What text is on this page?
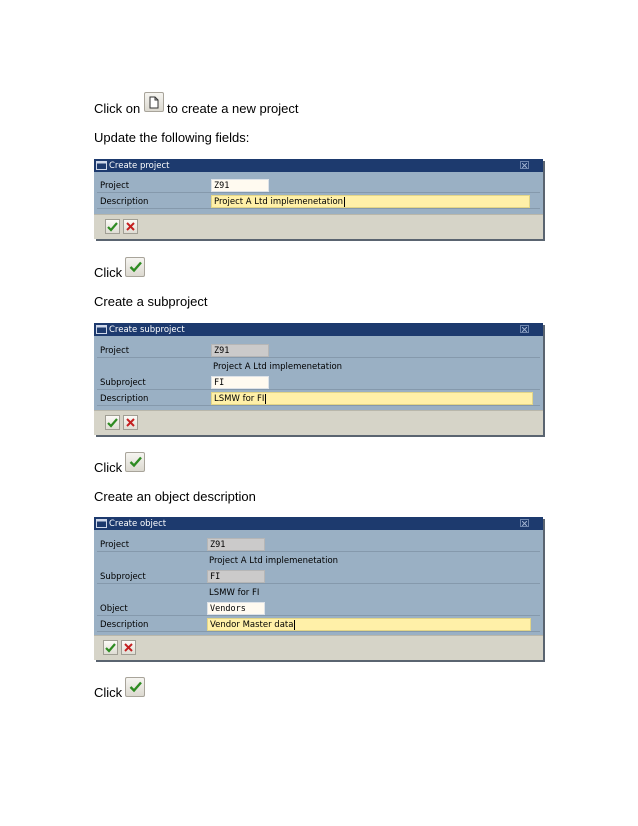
Click on to create a new project
Update the following fields:
Create project
Project	Z91
Description	Project A Ltd implemenetation
Click
Create a subproject
Create subproject
Project	Z91
Project A Ltd implemenetation
Subproject	FI
Description	LSMW for FI
Click
Create an object description
Create object
Project	Z91
Project A Ltd implemenetation
Subproject	FI
LSMW for FI
Object	Vendors
Description	Vendor Master data
Click
